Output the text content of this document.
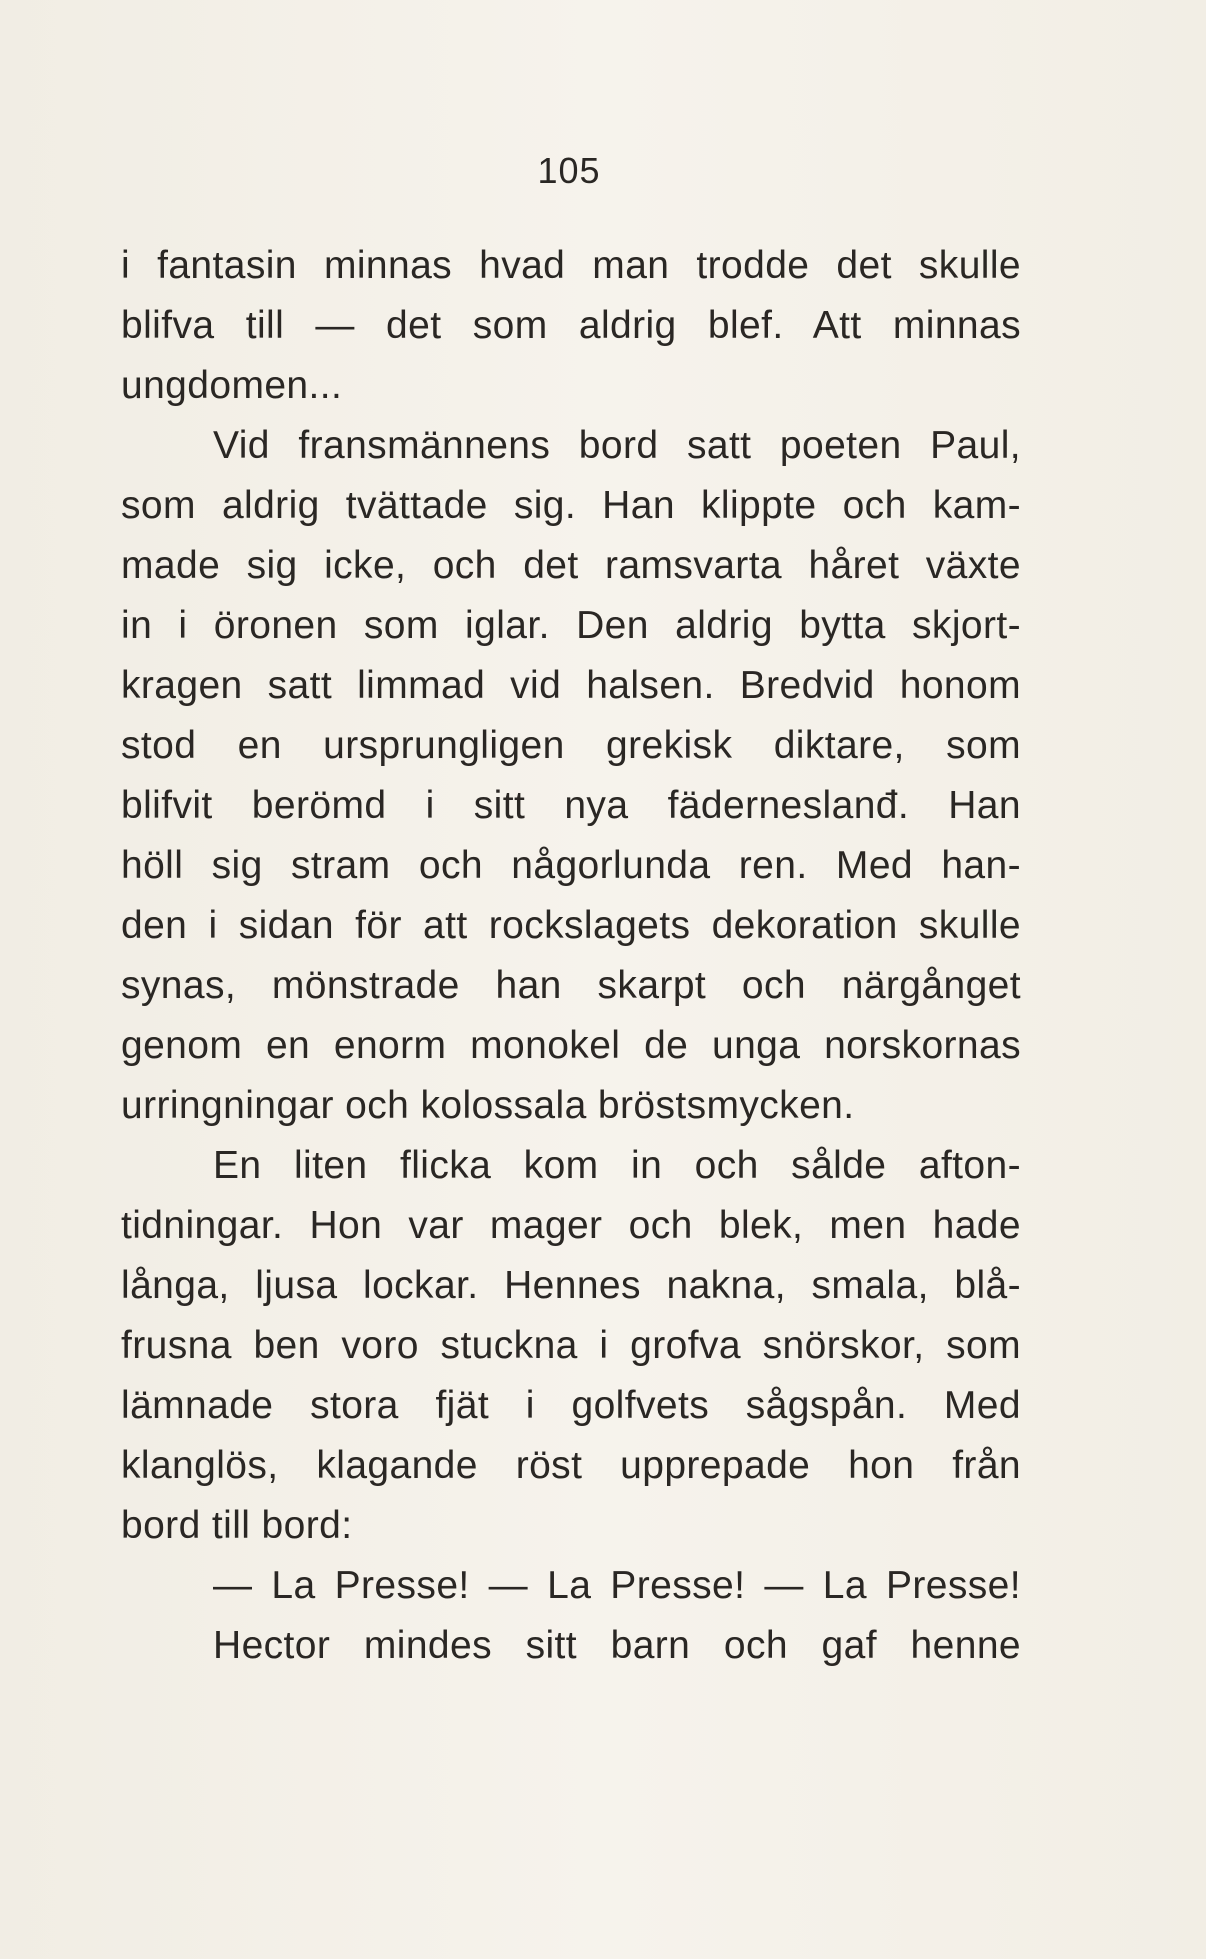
105
i fantasin minnas hvad man trodde det skulle
blifva till — det som aldrig blef. Att minnas
ungdomen...
Vid fransmännens bord satt poeten Paul,
som aldrig tvättade sig. Han klippte och kam-
made sig icke, och det ramsvarta håret växte
in i öronen som iglar. Den aldrig bytta skjort-
kragen satt limmad vid halsen. Bredvid honom
stod en ursprungligen grekisk diktare, som
blifvit berömd i sitt nya fäderneslanđ. Han
höll sig stram och någorlunda ren. Med han-
den i sidan för att rockslagets dekoration skulle
synas, mönstrade han skarpt och närgånget
genom en enorm monokel de unga norskornas
urringningar och kolossala bröstsmycken.
En liten flicka kom in och sålde afton-
tidningar. Hon var mager och blek, men hade
långa, ljusa lockar. Hennes nakna, smala, blå-
frusna ben voro stuckna i grofva snörskor, som
lämnade stora fjät i golfvets sågspån. Med
klanglös, klagande röst upprepade hon från
bord till bord:
— La Presse! — La Presse! — La Presse!
Hector mindes sitt barn och gaf henne
